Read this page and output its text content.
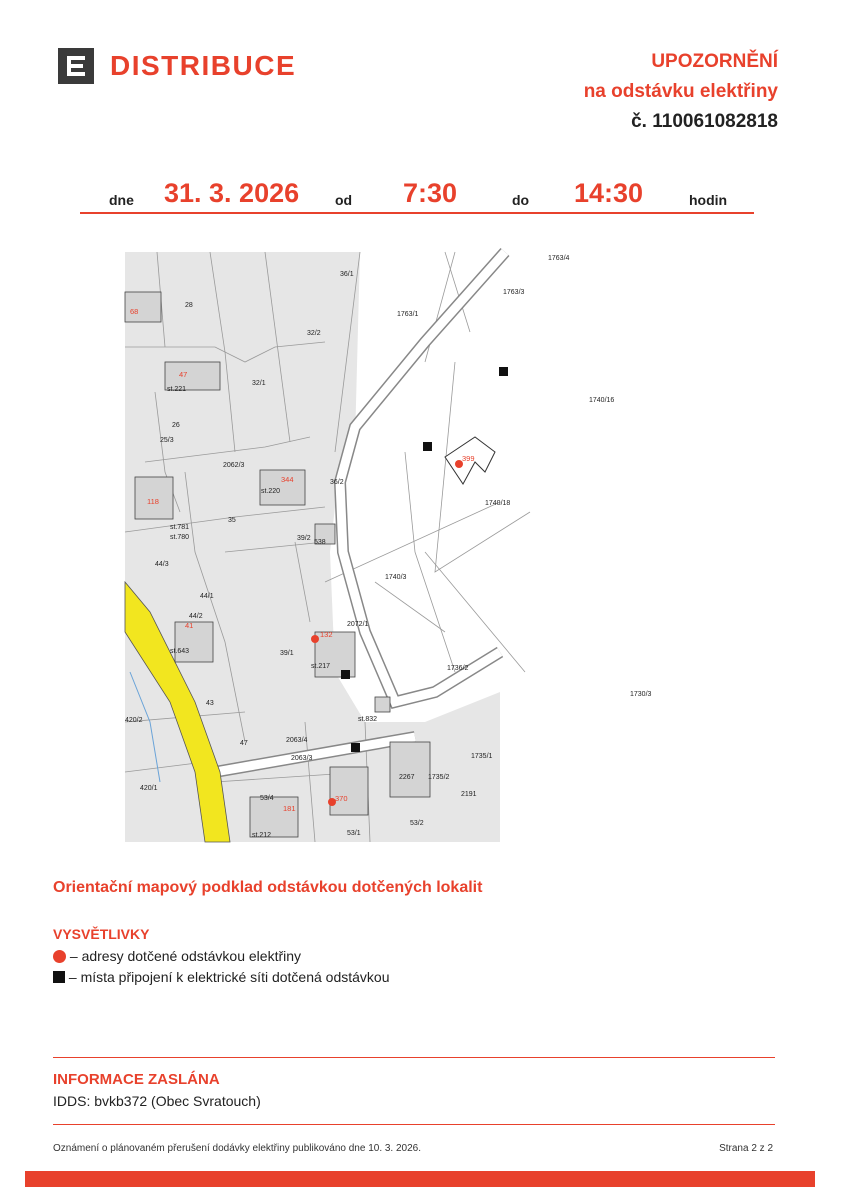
DISTRIBUCE	UPOZORNĚNÍ
na odstávku elektřiny
č. 110061082818
dne 31. 3. 2026	od 7:30	do 14:30	hodin
1763/4
1763/3
36/1
28
1763/1
32/2
32/1
26
25/3
2062/3
1740/16
36/2
1740/18
35
st.781
st.780	39/2
1740/3
44/3
44/1
44/2
2072/1
st.643	39/1
st.217	1736/2
420/2
43
1730/3
st.832
47	2063/4
1735/1
2063/3
2267 1735/2
420/1
2191
53/4
53/2
st.212	53/1
st.220
st.221
538
68
47
399
344
118
41
132
370
181
Orientační mapový podklad odstávkou dotčených lokalit
VYSVĚTLIVKY
– adresy dotčené odstávkou elektřiny
– místa připojení k elektrické síti dotčená odstávkou
INFORMACE ZASLÁNA
IDDS: bvkb372 (Obec Svratouch)
Oznámení o plánovaném přerušení dodávky elektřiny publikováno dne 10. 3. 2026.	Strana 2 z 2
